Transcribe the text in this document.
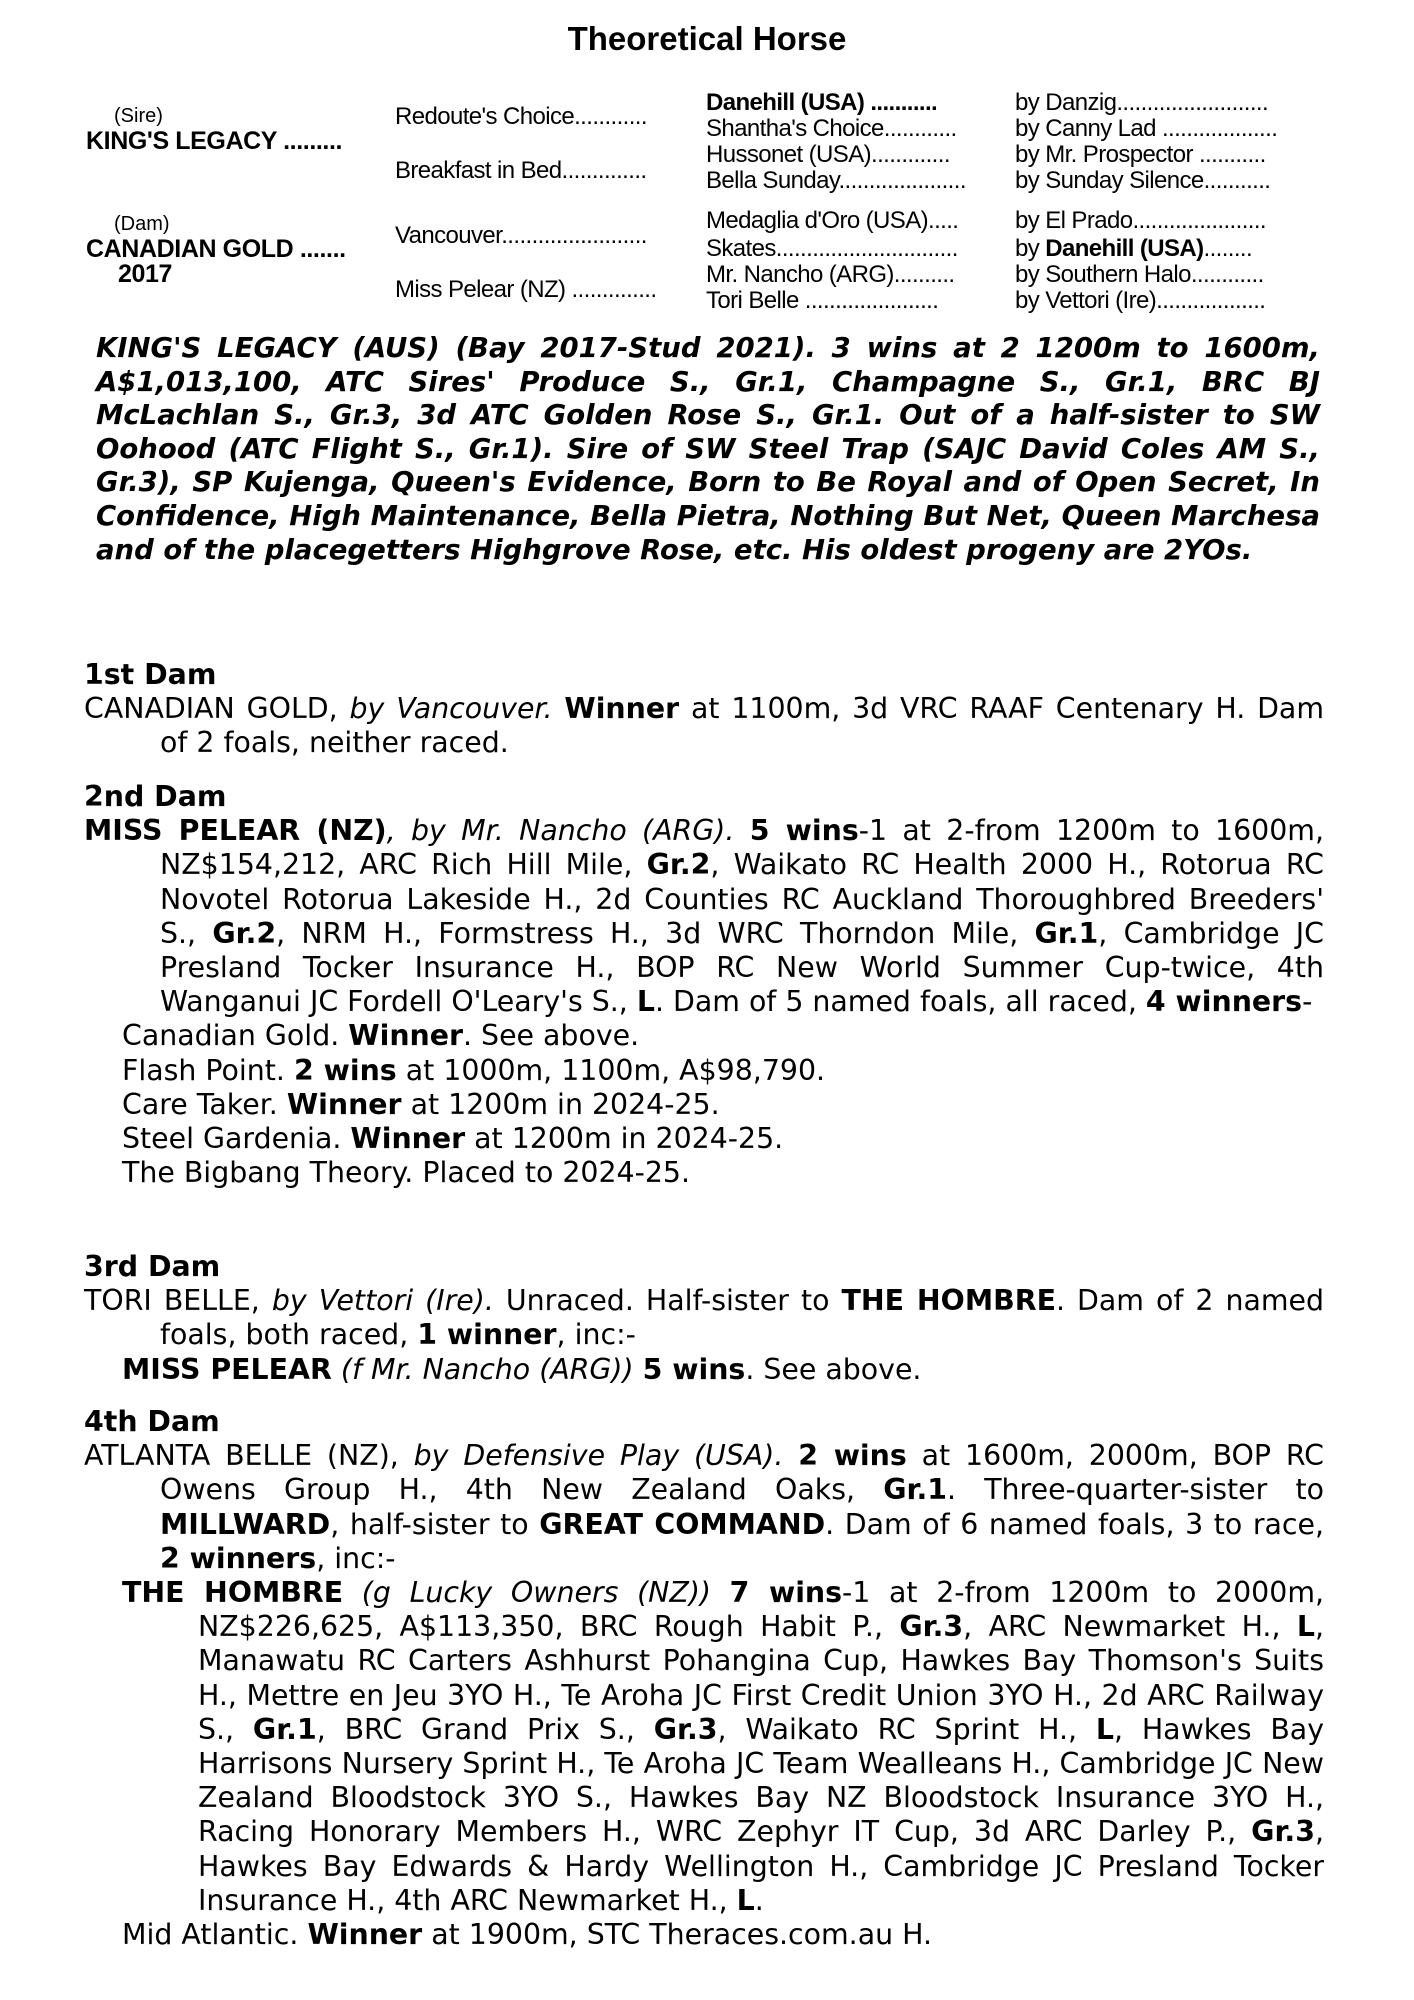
Theoretical Horse
(Sire)
KING'S LEGACY .........
(Dam)
CANADIAN GOLD .......
2017
Redoute's Choice............
Breakfast in Bed..............
Vancouver........................
Miss Pelear (NZ) ..............
Danehill (USA) ...........
Shantha's Choice............
Hussonet (USA).............
Bella Sunday.....................
Medaglia d'Oro (USA).....
Skates..............................
Mr. Nancho (ARG)..........
Tori Belle ......................
by Danzig.........................
by Canny Lad ...................
by Mr. Prospector ...........
by Sunday Silence...........
by El Prado......................
by Danehill (USA)........
by Southern Halo............
by Vettori (Ire)..................
KING'S LEGACY (AUS) (Bay 2017-Stud 2021). 3 wins at 2 1200m to 1600m, A$1,013,100, ATC Sires' Produce S., Gr.1, Champagne S., Gr.1, BRC BJ McLachlan S., Gr.3, 3d ATC Golden Rose S., Gr.1. Out of a half-sister to SW Oohood (ATC Flight S., Gr.1). Sire of SW Steel Trap (SAJC David Coles AM S., Gr.3), SP Kujenga, Queen's Evidence, Born to Be Royal and of Open Secret, In Confidence, High Maintenance, Bella Pietra, Nothing But Net, Queen Marchesa and of the placegetters Highgrove Rose, etc. His oldest progeny are 2YOs.
1st Dam
CANADIAN GOLD, by Vancouver. Winner at 1100m, 3d VRC RAAF Centenary H. Dam of 2 foals, neither raced.
2nd Dam
MISS PELEAR (NZ), by Mr. Nancho (ARG). 5 wins-1 at 2-from 1200m to 1600m, NZ$154,212, ARC Rich Hill Mile, Gr.2, Waikato RC Health 2000 H., Rotorua RC Novotel Rotorua Lakeside H., 2d Counties RC Auckland Thoroughbred Breeders' S., Gr.2, NRM H., Formstress H., 3d WRC Thorndon Mile, Gr.1, Cambridge JC Presland Tocker Insurance H., BOP RC New World Summer Cup-twice, 4th Wanganui JC Fordell O'Leary's S., L. Dam of 5 named foals, all raced, 4 winners-
Canadian Gold. Winner. See above.
Flash Point. 2 wins at 1000m, 1100m, A$98,790.
Care Taker. Winner at 1200m in 2024-25.
Steel Gardenia. Winner at 1200m in 2024-25.
The Bigbang Theory. Placed to 2024-25.
3rd Dam
TORI BELLE, by Vettori (Ire). Unraced. Half-sister to THE HOMBRE. Dam of 2 named foals, both raced, 1 winner, inc:-
MISS PELEAR (f Mr. Nancho (ARG)) 5 wins. See above.
4th Dam
ATLANTA BELLE (NZ), by Defensive Play (USA). 2 wins at 1600m, 2000m, BOP RC Owens Group H., 4th New Zealand Oaks, Gr.1. Three-quarter-sister to MILLWARD, half-sister to GREAT COMMAND. Dam of 6 named foals, 3 to race, 2 winners, inc:-
THE HOMBRE (g Lucky Owners (NZ)) 7 wins-1 at 2-from 1200m to 2000m, NZ$226,625, A$113,350, BRC Rough Habit P., Gr.3, ARC Newmarket H., L, Manawatu RC Carters Ashhurst Pohangina Cup, Hawkes Bay Thomson's Suits H., Mettre en Jeu 3YO H., Te Aroha JC First Credit Union 3YO H., 2d ARC Railway S., Gr.1, BRC Grand Prix S., Gr.3, Waikato RC Sprint H., L, Hawkes Bay Harrisons Nursery Sprint H., Te Aroha JC Team Wealleans H., Cambridge JC New Zealand Bloodstock 3YO S., Hawkes Bay NZ Bloodstock Insurance 3YO H., Racing Honorary Members H., WRC Zephyr IT Cup, 3d ARC Darley P., Gr.3, Hawkes Bay Edwards & Hardy Wellington H., Cambridge JC Presland Tocker Insurance H., 4th ARC Newmarket H., L.
Mid Atlantic. Winner at 1900m, STC Theraces.com.au H.
